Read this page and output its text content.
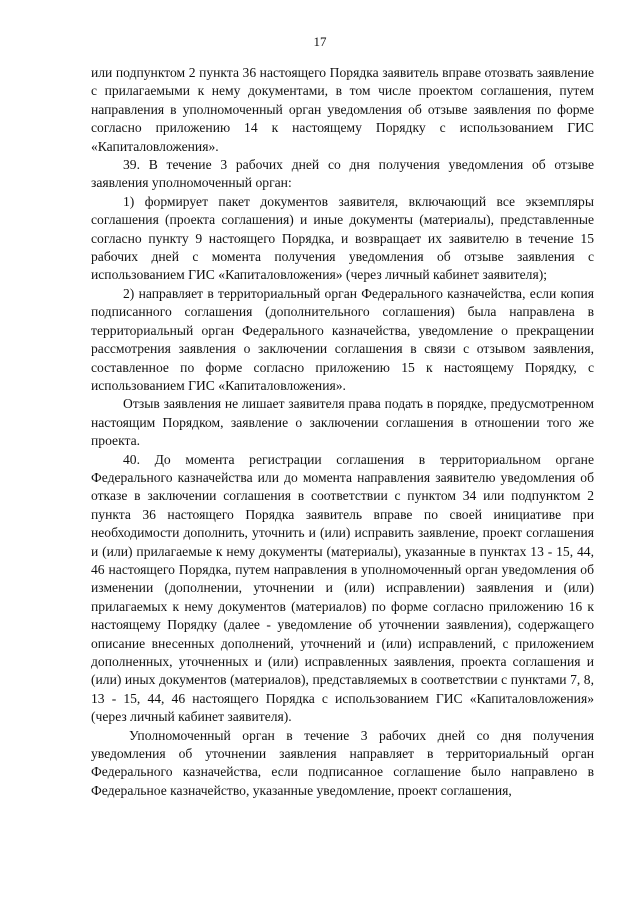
17

или подпунктом 2 пункта 36 настоящего Порядка заявитель вправе отозвать заявление с прилагаемыми к нему документами, в том числе проектом соглашения, путем направления в уполномоченный орган уведомления об отзыве заявления по форме согласно приложению 14 к настоящему Порядку с использованием ГИС «Капиталовложения».

39. В течение 3 рабочих дней со дня получения уведомления об отзыве заявления уполномоченный орган:

1) формирует пакет документов заявителя, включающий все экземпляры соглашения (проекта соглашения) и иные документы (материалы), представленные согласно пункту 9 настоящего Порядка, и возвращает их заявителю в течение 15 рабочих дней с момента получения уведомления об отзыве заявления с использованием ГИС «Капиталовложения» (через личный кабинет заявителя);

2) направляет в территориальный орган Федерального казначейства, если копия подписанного соглашения (дополнительного соглашения) была направлена в территориальный орган Федерального казначейства, уведомление о прекращении рассмотрения заявления о заключении соглашения в связи с отзывом заявления, составленное по форме согласно приложению 15 к настоящему Порядку, с использованием ГИС «Капиталовложения».

Отзыв заявления не лишает заявителя права подать в порядке, предусмотренном настоящим Порядком, заявление о заключении соглашения в отношении того же проекта.

40. До момента регистрации соглашения в территориальном органе Федерального казначейства или до момента направления заявителю уведомления об отказе в заключении соглашения в соответствии с пунктом 34 или подпунктом 2 пункта 36 настоящего Порядка заявитель вправе по своей инициативе при необходимости дополнить, уточнить и (или) исправить заявление, проект соглашения и (или) прилагаемые к нему документы (материалы), указанные в пунктах 13 - 15, 44, 46 настоящего Порядка, путем направления в уполномоченный орган уведомления об изменении (дополнении, уточнении и (или) исправлении) заявления и (или) прилагаемых к нему документов (материалов) по форме согласно приложению 16 к настоящему Порядку (далее - уведомление об уточнении заявления), содержащего описание внесенных дополнений, уточнений и (или) исправлений, с приложением дополненных, уточненных и (или) исправленных заявления, проекта соглашения и (или) иных документов (материалов), представляемых в соответствии с пунктами 7, 8, 13 - 15, 44, 46 настоящего Порядка с использованием ГИС «Капиталовложения» (через личный кабинет заявителя).

Уполномоченный орган в течение 3 рабочих дней со дня получения уведомления об уточнении заявления направляет в территориальный орган Федерального казначейства, если подписанное соглашение было направлено в Федеральное казначейство, указанные уведомление, проект соглашения,
